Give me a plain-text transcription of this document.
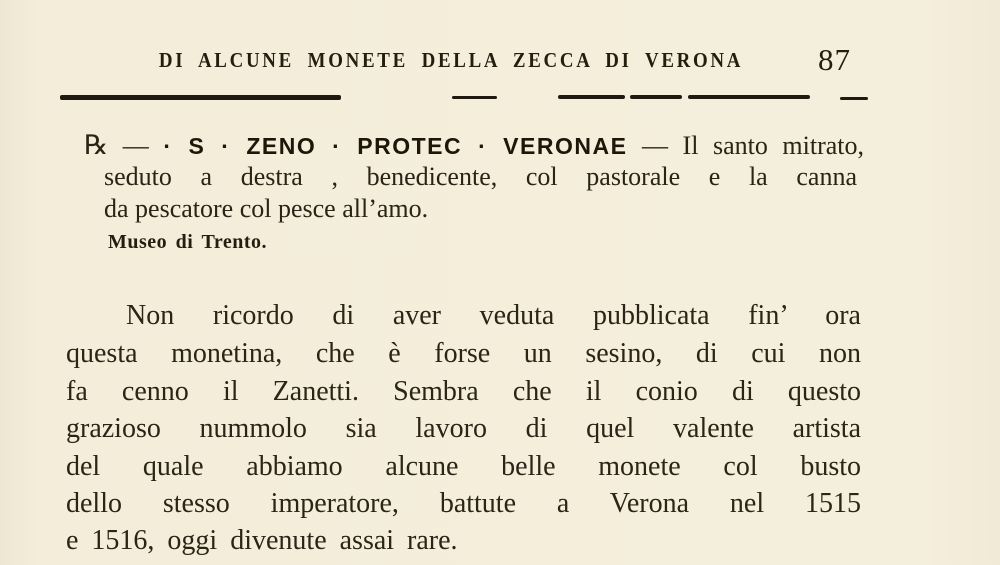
DI ALCUNE MONETE DELLA ZECCA DI VERONA	87
℞ — · S · ZENO · PROTEC · VERONAE — Il santo mitrato,
seduto a destra , benedicente, col pastorale e la canna
da pescatore col pesce all’amo.
Museo di Trento.
Non ricordo di aver veduta pubblicata fin’ ora
questa monetina, che è forse un sesino, di cui non
fa cenno il Zanetti. Sembra che il conio di questo
grazioso nummolo sia lavoro di quel valente artista
del quale abbiamo alcune belle monete col busto
dello stesso imperatore, battute a Verona nel 1515
e 1516, oggi divenute assai rare.
